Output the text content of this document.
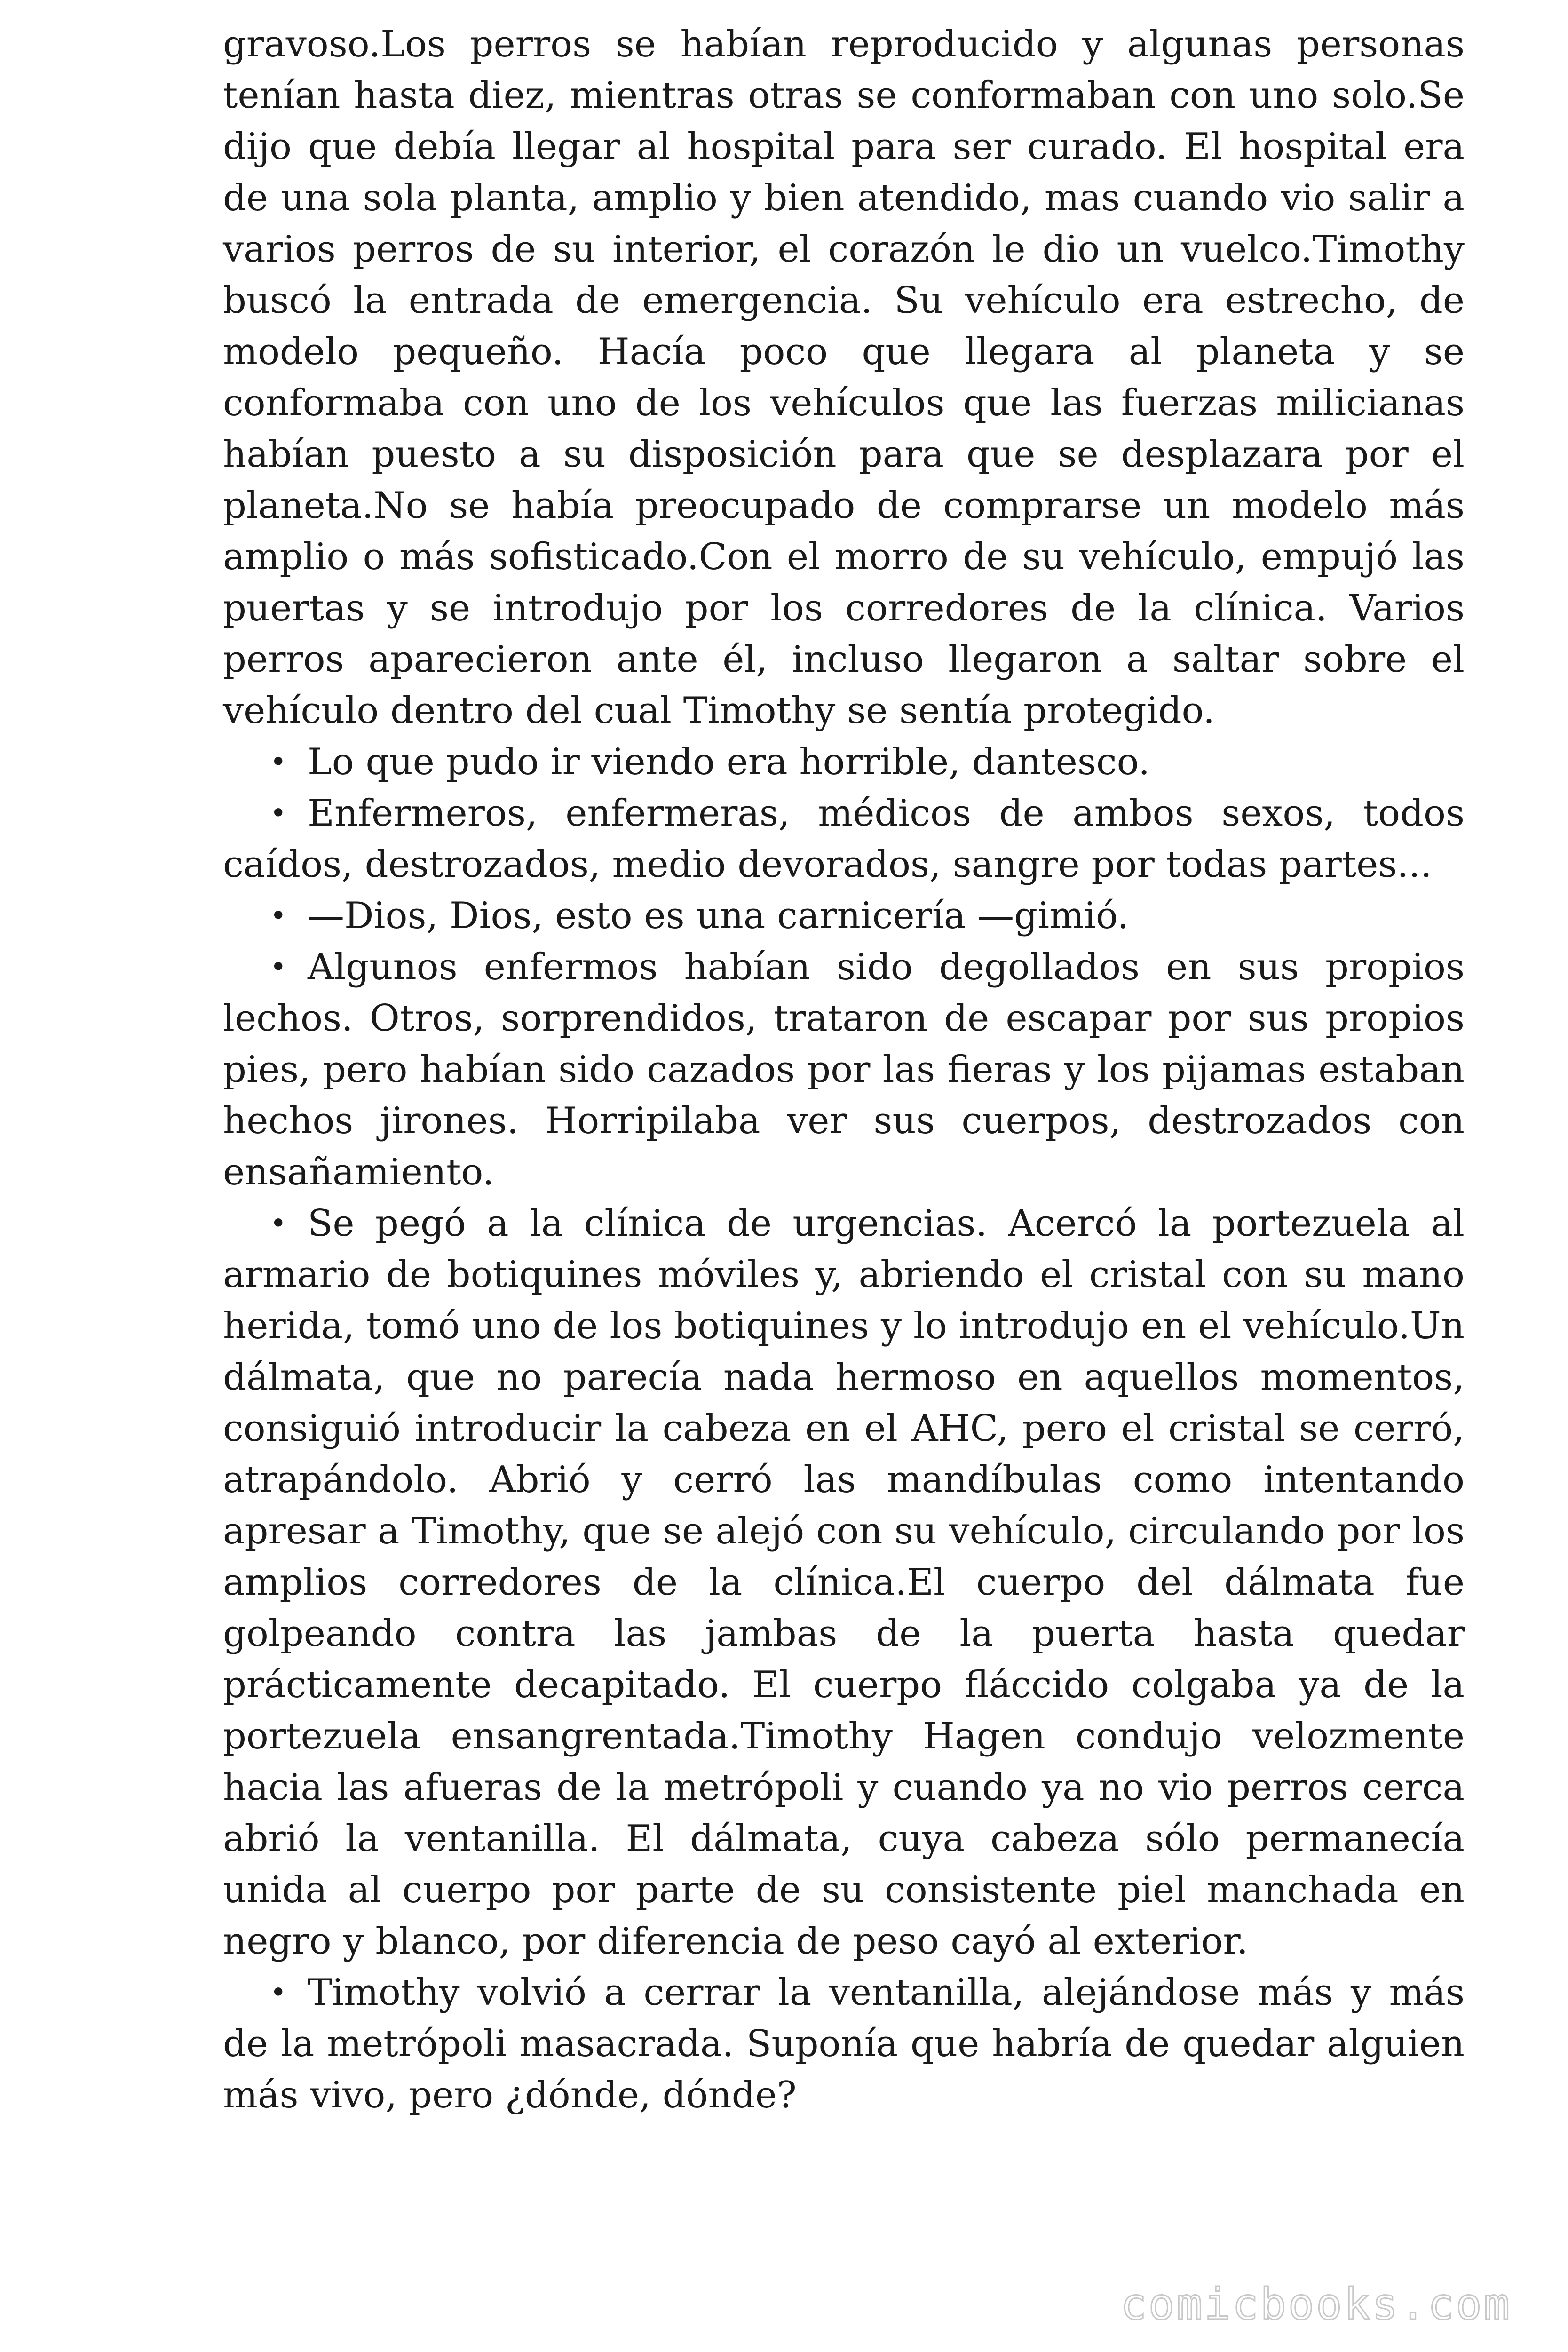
gravoso.Los perros se habían reproducido y algunas personas tenían hasta diez, mientras otras se conformaban con uno solo.Se dijo que debía llegar al hospital para ser curado. El hospital era de una sola planta, amplio y bien atendido, mas cuando vio salir a varios perros de su interior, el corazón le dio un vuelco.Timothy buscó la entrada de emergencia. Su vehículo era estrecho, de modelo pequeño. Hacía poco que llegara al planeta y se conformaba con uno de los vehículos que las fuerzas milicianas habían puesto a su disposición para que se desplazara por el planeta.No se había preocupado de comprarse un modelo más amplio o más sofisticado.Con el morro de su vehículo, empujó las puertas y se introdujo por los corredores de la clínica. Varios perros aparecieron ante él, incluso llegaron a saltar sobre el vehículo dentro del cual Timothy se sentía protegido.

• Lo que pudo ir viendo era horrible, dantesco.

• Enfermeros, enfermeras, médicos de ambos sexos, todos caídos, destrozados, medio devorados, sangre por todas partes...

• —Dios, Dios, esto es una carnicería —gimió.

• Algunos enfermos habían sido degollados en sus propios lechos. Otros, sorprendidos, trataron de escapar por sus propios pies, pero habían sido cazados por las fieras y los pijamas estaban hechos jirones. Horripilaba ver sus cuerpos, destrozados con ensañamiento.

• Se pegó a la clínica de urgencias. Acercó la portezuela al armario de botiquines móviles y, abriendo el cristal con su mano herida, tomó uno de los botiquines y lo introdujo en el vehículo.Un dálmata, que no parecía nada hermoso en aquellos momentos, consiguió introducir la cabeza en el AHC, pero el cristal se cerró, atrapándolo. Abrió y cerró las mandíbulas como intentando apresar a Timothy, que se alejó con su vehículo, circulando por los amplios corredores de la clínica.El cuerpo del dálmata fue golpeando contra las jambas de la puerta hasta quedar prácticamente decapitado. El cuerpo fláccido colgaba ya de la portezuela ensangrentada.Timothy Hagen condujo velozmente hacia las afueras de la metrópoli y cuando ya no vio perros cerca abrió la ventanilla. El dálmata, cuya cabeza sólo permanecía unida al cuerpo por parte de su consistente piel manchada en negro y blanco, por diferencia de peso cayó al exterior.

• Timothy volvió a cerrar la ventanilla, alejándose más y más de la metrópoli masacrada. Suponía que habría de quedar alguien más vivo, pero ¿dónde, dónde?

comicbooks.com
